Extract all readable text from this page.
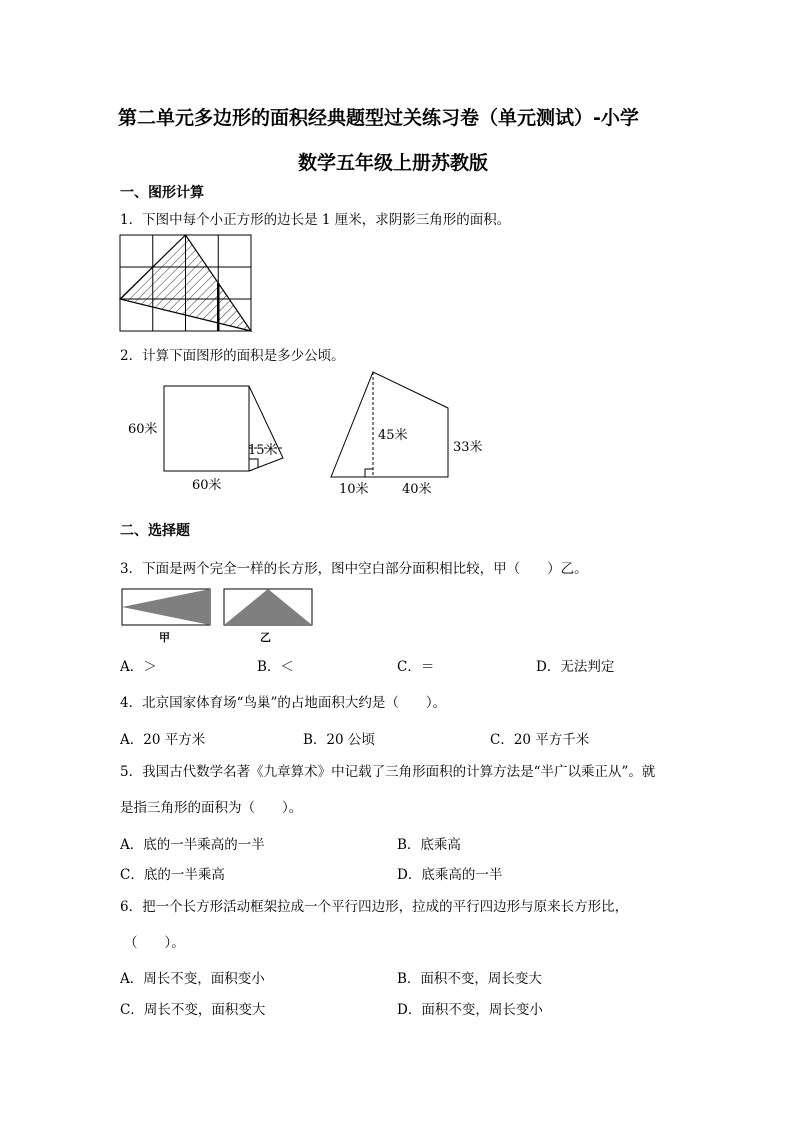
第二单元多边形的面积经典题型过关练习卷（单元测试）-小学
数学五年级上册苏教版
一、图形计算
1．下图中每个小正方形的边长是 1 厘米，求阴影三角形的面积。
2．计算下面图形的面积是多少公顷。
60米
60米
15米
45米
33米
10米	40米
二、选择题
3．下面是两个完全一样的长方形，图中空白部分面积相比较，甲（　　）乙。
甲	乙
A．＞	B．＜	C．＝	D．无法判定
4．北京国家体育场“鸟巢”的占地面积大约是（　　）。
A．20 平方米	B．20 公顷	C．20 平方千米
5．我国古代数学名著《九章算术》中记载了三角形面积的计算方法是“半广以乘正从”。就
是指三角形的面积为（　　）。
A．底的一半乘高的一半	B．底乘高
C．底的一半乘高	D．底乘高的一半
6．把一个长方形活动框架拉成一个平行四边形，拉成的平行四边形与原来长方形比，
（　　）。
A．周长不变，面积变小	B．面积不变，周长变大
C．周长不变，面积变大	D．面积不变，周长变小
